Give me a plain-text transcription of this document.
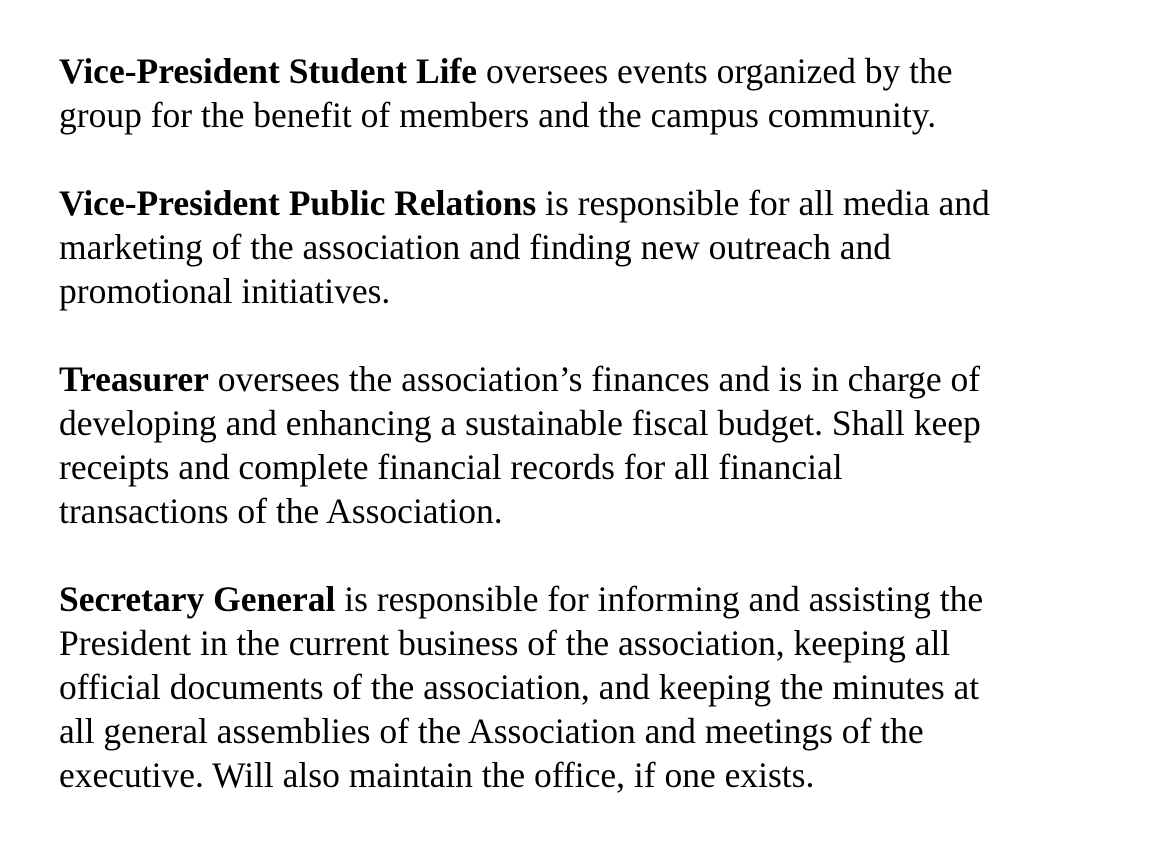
Vice-President Student Life oversees events organized by the
group for the benefit of members and the campus community.

Vice-President Public Relations is responsible for all media and
marketing of the association and finding new outreach and
promotional initiatives.

Treasurer oversees the association’s finances and is in charge of
developing and enhancing a sustainable fiscal budget. Shall keep
receipts and complete financial records for all financial
transactions of the Association.

Secretary General is responsible for informing and assisting the
President in the current business of the association, keeping all
official documents of the association, and keeping the minutes at
all general assemblies of the Association and meetings of the
executive. Will also maintain the office, if one exists.
